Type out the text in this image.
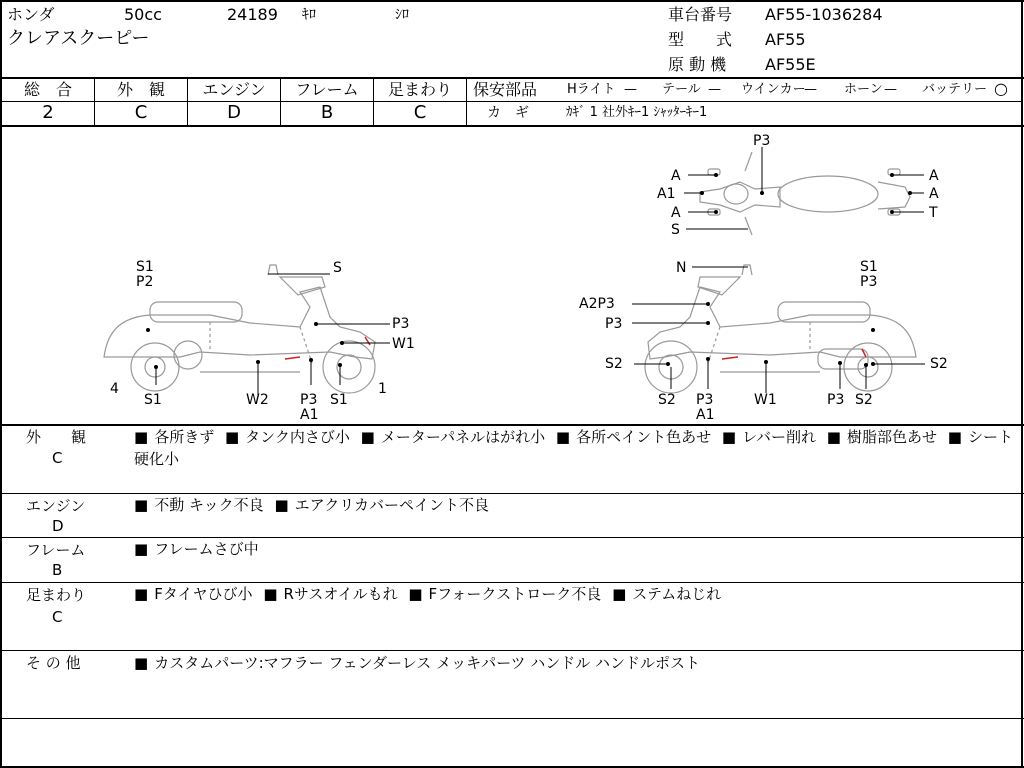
ホンダ	50cc	24189 ｷﾛ	ｼﾛ
クレアスクーピー
車台番号 AF55-1036284
型　　式 AF55
原 動 機 AF55E
総　合	外　観	エンジン	フレーム	足まわり
2	C	D	B	C
保安部品 Hライト — テール — ウインカー
— ホーン — バッテリー ○
カ　ギ	ｶｷﾞ 1 社外ｷｰ1 ｼｬｯﾀｰｷｰ1
S1
P2
S
P3
W1
4
S1	W2 P3
A1
S1
1
N	S1
P3
A2P3
P3
S2	S2
P3
A1
W1	P3 S2
S2
P3
A
A1
A
S
A
A
T
外　　観
C
■ 各所きず ■ タンク内さび小 ■ メーターパネルはがれ小 ■ 各所ペイント色あせ ■ レバー削れ ■ 樹脂部色あせ ■ シート硬化小
エンジン
D
■ 不動 キック不良 ■ エアクリカバーペイント不良
フレーム
B
■ フレームさび中
足まわり
C
■ Fタイヤひび小 ■ Rサスオイルもれ ■ Fフォークストローク不良 ■ ステムねじれ
そ の 他	■ カスタムパーツ:マフラー フェンダーレス メッキパーツ ハンドル ハンドルポスト
